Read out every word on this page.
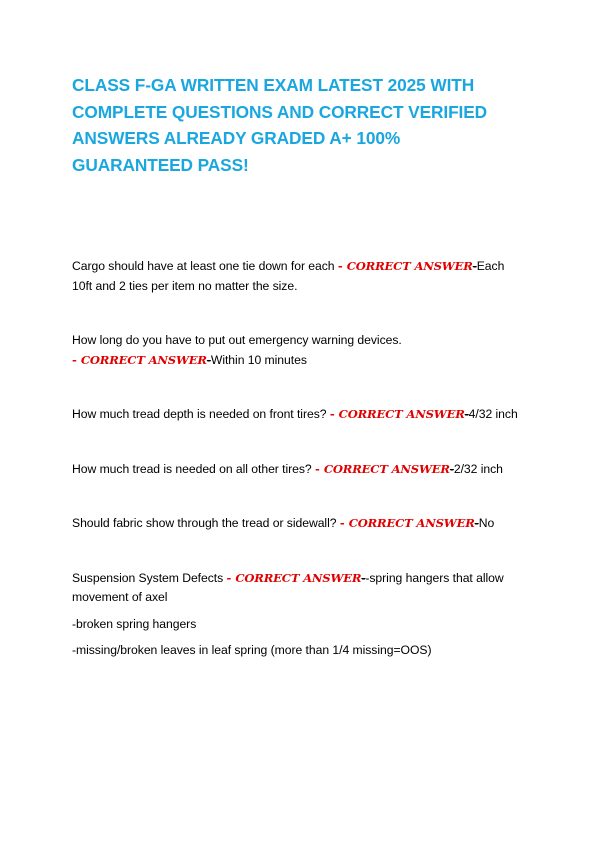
CLASS F-GA WRITTEN EXAM LATEST 2025 WITH COMPLETE QUESTIONS AND CORRECT VERIFIED ANSWERS ALREADY GRADED A+ 100% GUARANTEED PASS!

Cargo should have at least one tie down for each - CORRECT ANSWER-Each 10ft and 2 ties per item no matter the size.

How long do you have to put out emergency warning devices. - CORRECT ANSWER-Within 10 minutes

How much tread depth is needed on front tires? - CORRECT ANSWER-4/32 inch

How much tread is needed on all other tires? - CORRECT ANSWER-2/32 inch

Should fabric show through the tread or sidewall? - CORRECT ANSWER-No

Suspension System Defects - CORRECT ANSWER--spring hangers that allow movement of axel

-broken spring hangers

-missing/broken leaves in leaf spring (more than 1/4 missing=OOS)
